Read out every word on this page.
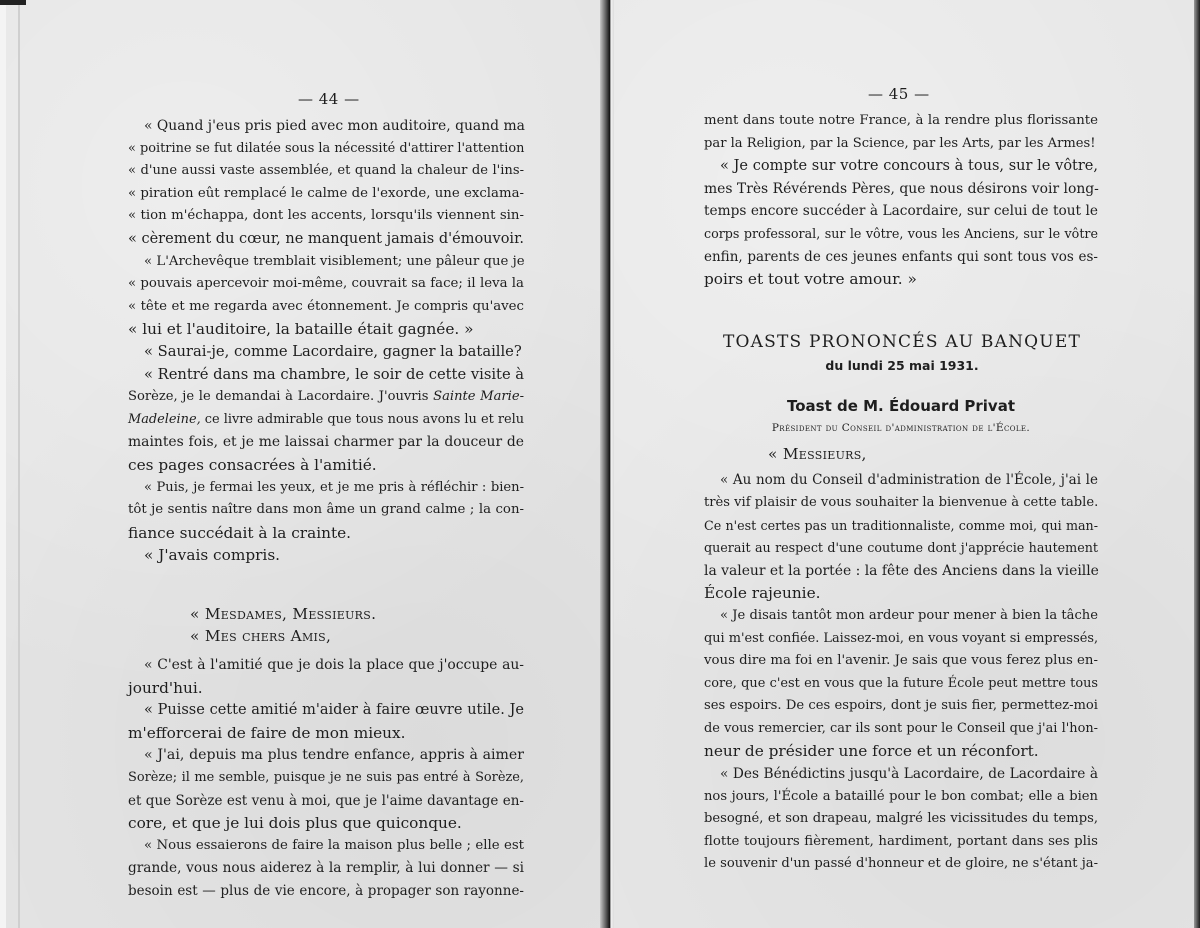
— 44 —
« Quand j'eus pris pied avec mon auditoire, quand ma
« poitrine se fut dilatée sous la nécessité d'attirer l'attention
« d'une aussi vaste assemblée, et quand la chaleur de l'ins-
« piration eût remplacé le calme de l'exorde, une exclama-
« tion m'échappa, dont les accents, lorsqu'ils viennent sin-
« cèrement du cœur, ne manquent jamais d'émouvoir.
« L'Archevêque tremblait visiblement; une pâleur que je
« pouvais apercevoir moi-même, couvrait sa face; il leva la
« tête et me regarda avec étonnement. Je compris qu'avec
« lui et l'auditoire, la bataille était gagnée. »
« Saurai-je, comme Lacordaire, gagner la bataille?
« Rentré dans ma chambre, le soir de cette visite à
Sorèze, je le demandai à Lacordaire. J'ouvris Sainte Marie-
Madeleine, ce livre admirable que tous nous avons lu et relu
maintes fois, et je me laissai charmer par la douceur de
ces pages consacrées à l'amitié.
« Puis, je fermai les yeux, et je me pris à réfléchir : bien-
tôt je sentis naître dans mon âme un grand calme ; la con-
fiance succédait à la crainte.
« J'avais compris.
« Mesdames, Messieurs.
« Mes chers Amis,
« C'est à l'amitié que je dois la place que j'occupe au-
jourd'hui.
« Puisse cette amitié m'aider à faire œuvre utile. Je
m'efforcerai de faire de mon mieux.
« J'ai, depuis ma plus tendre enfance, appris à aimer
Sorèze; il me semble, puisque je ne suis pas entré à Sorèze,
et que Sorèze est venu à moi, que je l'aime davantage en-
core, et que je lui dois plus que quiconque.
« Nous essaierons de faire la maison plus belle ; elle est
grande, vous nous aiderez à la remplir, à lui donner — si
besoin est — plus de vie encore, à propager son rayonne-
— 45 —
ment dans toute notre France, à la rendre plus florissante
par la Religion, par la Science, par les Arts, par les Armes!
« Je compte sur votre concours à tous, sur le vôtre,
mes Très Révérends Pères, que nous désirons voir long-
temps encore succéder à Lacordaire, sur celui de tout le
corps professoral, sur le vôtre, vous les Anciens, sur le vôtre
enfin, parents de ces jeunes enfants qui sont tous vos es-
poirs et tout votre amour. »
TOASTS PRONONCÉS AU BANQUET
du lundi 25 mai 1931.
Toast de M. Édouard Privat
Président du Conseil d'administration de l'École.
« Messieurs,
« Au nom du Conseil d'administration de l'École, j'ai le
très vif plaisir de vous souhaiter la bienvenue à cette table.
Ce n'est certes pas un traditionnaliste, comme moi, qui man-
querait au respect d'une coutume dont j'apprécie hautement
la valeur et la portée : la fête des Anciens dans la vieille
École rajeunie.
« Je disais tantôt mon ardeur pour mener à bien la tâche
qui m'est confiée. Laissez-moi, en vous voyant si empressés,
vous dire ma foi en l'avenir. Je sais que vous ferez plus en-
core, que c'est en vous que la future École peut mettre tous
ses espoirs. De ces espoirs, dont je suis fier, permettez-moi
de vous remercier, car ils sont pour le Conseil que j'ai l'hon-
neur de présider une force et un réconfort.
« Des Bénédictins jusqu'à Lacordaire, de Lacordaire à
nos jours, l'École a bataillé pour le bon combat; elle a bien
besogné, et son drapeau, malgré les vicissitudes du temps,
flotte toujours fièrement, hardiment, portant dans ses plis
le souvenir d'un passé d'honneur et de gloire, ne s'étant ja-
